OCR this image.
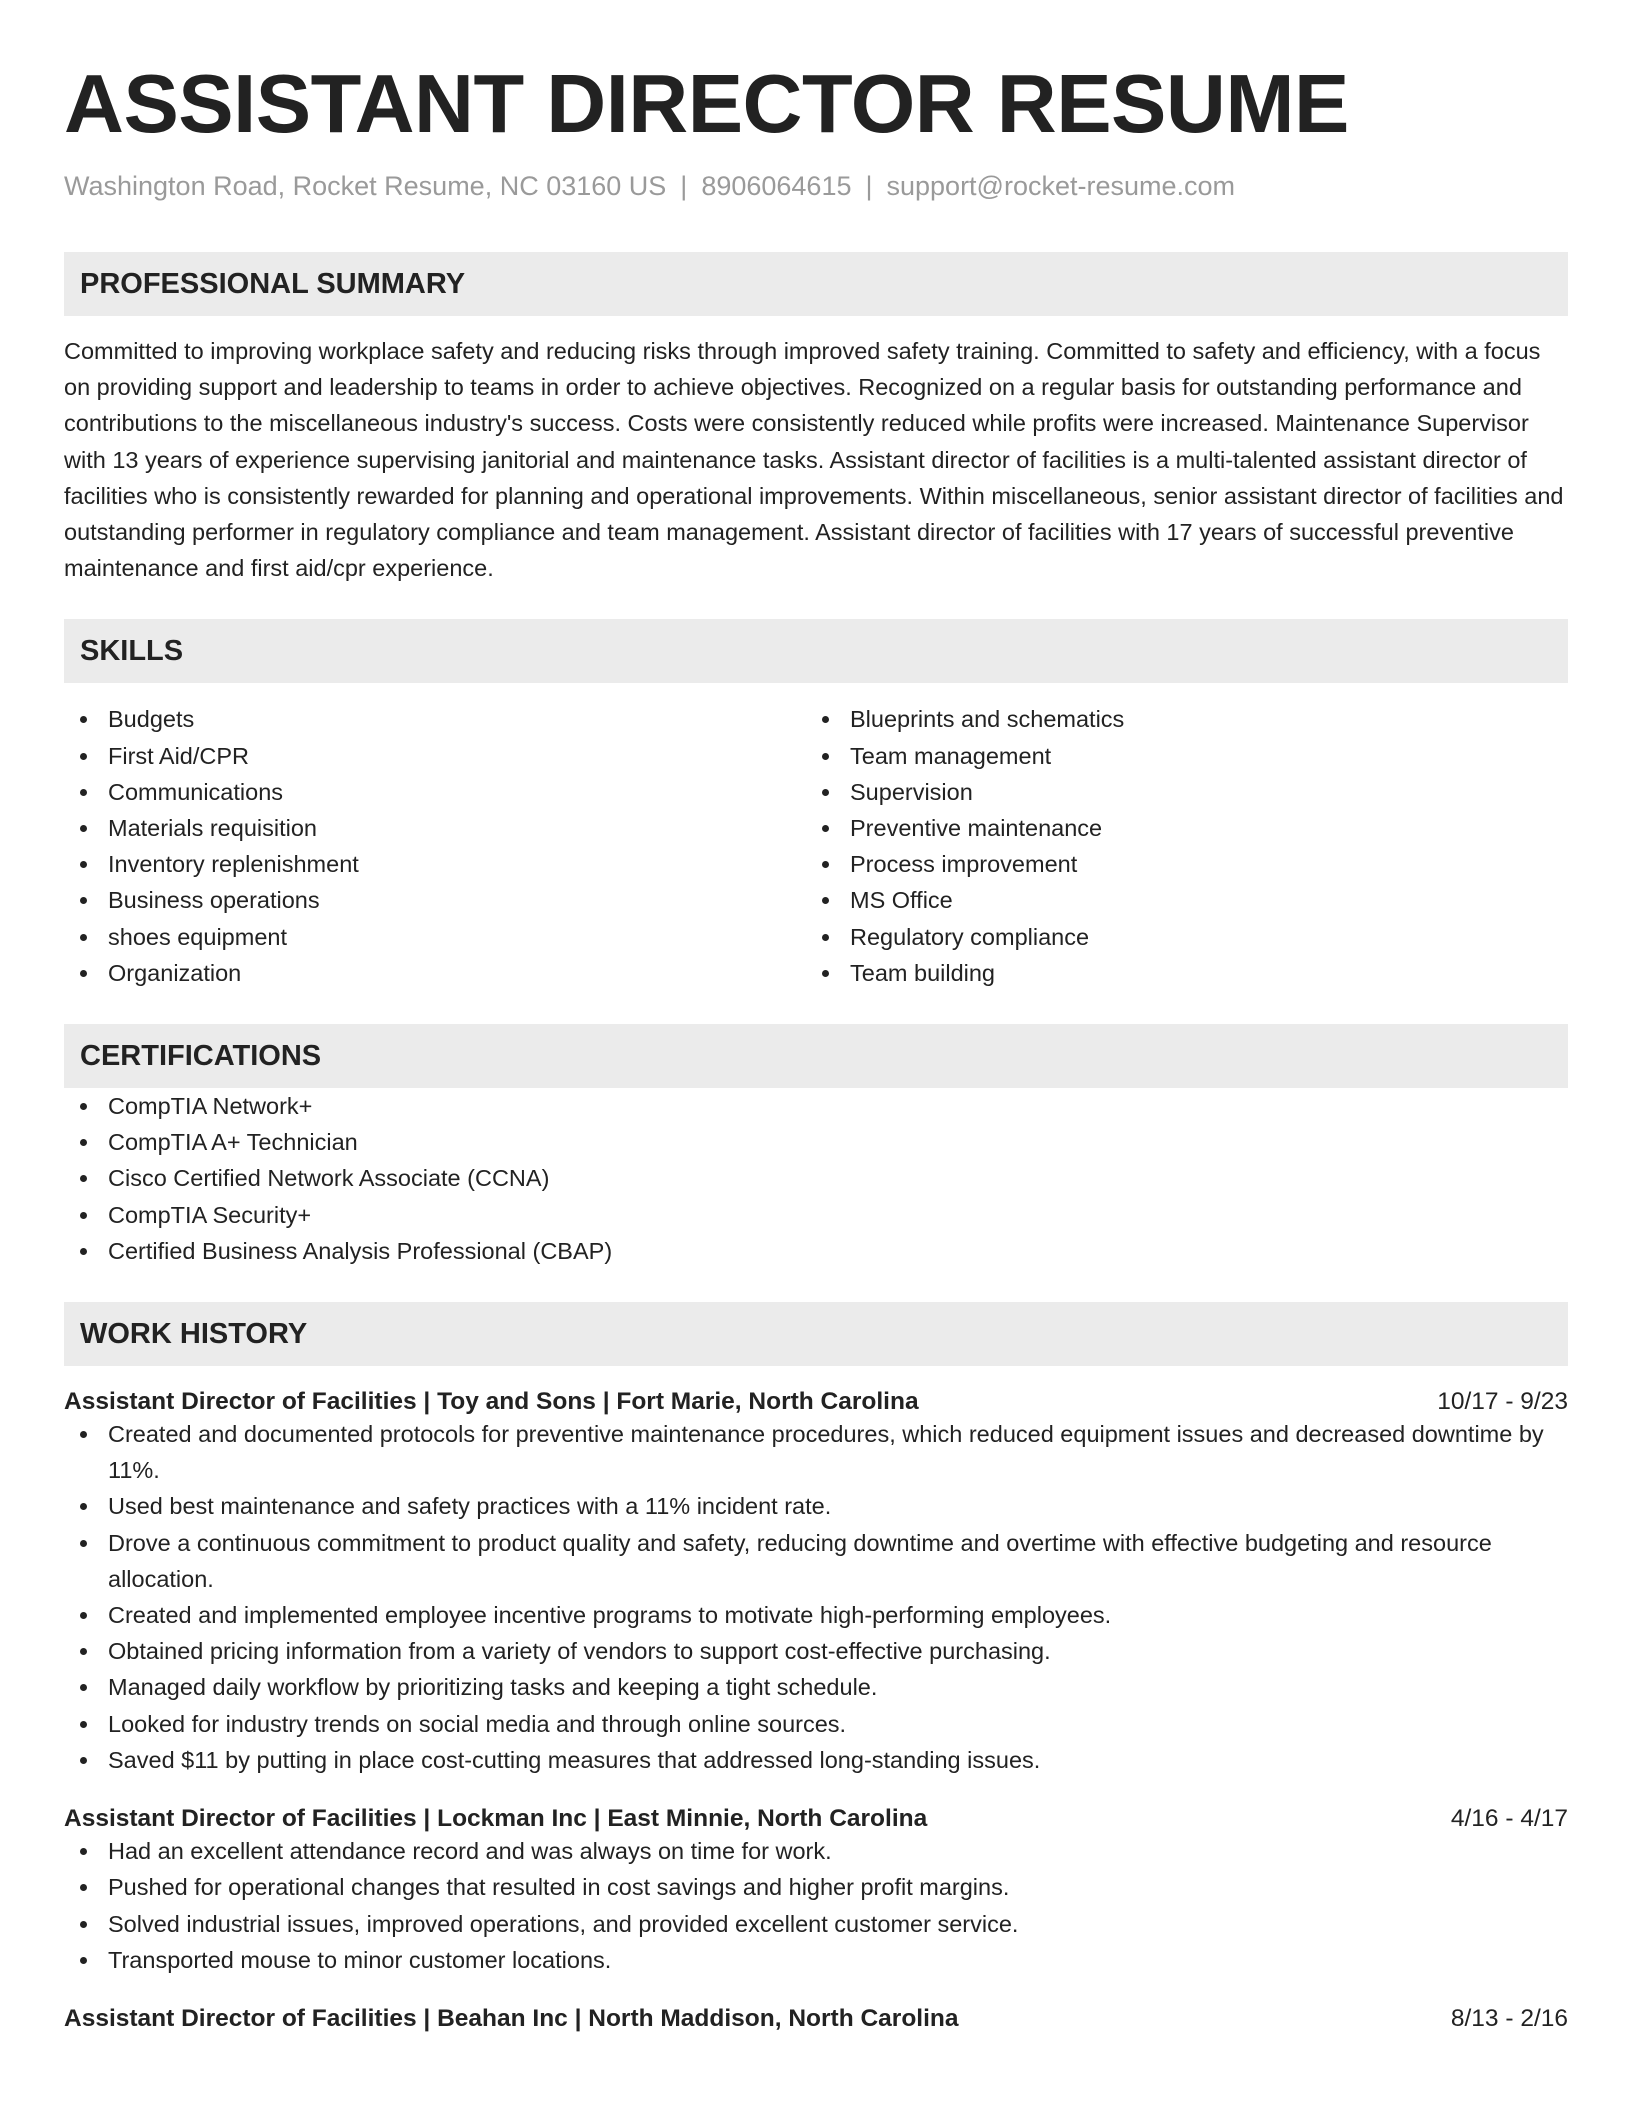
ASSISTANT DIRECTOR RESUME
Washington Road, Rocket Resume, NC 03160 US | 8906064615 | support@rocket-resume.com
PROFESSIONAL SUMMARY
Committed to improving workplace safety and reducing risks through improved safety training. Committed to safety and efficiency, with a focus on providing support and leadership to teams in order to achieve objectives. Recognized on a regular basis for outstanding performance and contributions to the miscellaneous industry's success. Costs were consistently reduced while profits were increased. Maintenance Supervisor with 13 years of experience supervising janitorial and maintenance tasks. Assistant director of facilities is a multi-talented assistant director of facilities who is consistently rewarded for planning and operational improvements. Within miscellaneous, senior assistant director of facilities and outstanding performer in regulatory compliance and team management. Assistant director of facilities with 17 years of successful preventive maintenance and first aid/cpr experience.
SKILLS
Budgets
First Aid/CPR
Communications
Materials requisition
Inventory replenishment
Business operations
shoes equipment
Organization
Blueprints and schematics
Team management
Supervision
Preventive maintenance
Process improvement
MS Office
Regulatory compliance
Team building
CERTIFICATIONS
CompTIA Network+
CompTIA A+ Technician
Cisco Certified Network Associate (CCNA)
CompTIA Security+
Certified Business Analysis Professional (CBAP)
WORK HISTORY
Assistant Director of Facilities | Toy and Sons | Fort Marie, North Carolina	10/17 - 9/23
Created and documented protocols for preventive maintenance procedures, which reduced equipment issues and decreased downtime by 11%.
Used best maintenance and safety practices with a 11% incident rate.
Drove a continuous commitment to product quality and safety, reducing downtime and overtime with effective budgeting and resource allocation.
Created and implemented employee incentive programs to motivate high-performing employees.
Obtained pricing information from a variety of vendors to support cost-effective purchasing.
Managed daily workflow by prioritizing tasks and keeping a tight schedule.
Looked for industry trends on social media and through online sources.
Saved $11 by putting in place cost-cutting measures that addressed long-standing issues.
Assistant Director of Facilities | Lockman Inc | East Minnie, North Carolina	4/16 - 4/17
Had an excellent attendance record and was always on time for work.
Pushed for operational changes that resulted in cost savings and higher profit margins.
Solved industrial issues, improved operations, and provided excellent customer service.
Transported mouse to minor customer locations.
Assistant Director of Facilities | Beahan Inc | North Maddison, North Carolina	8/13 - 2/16
